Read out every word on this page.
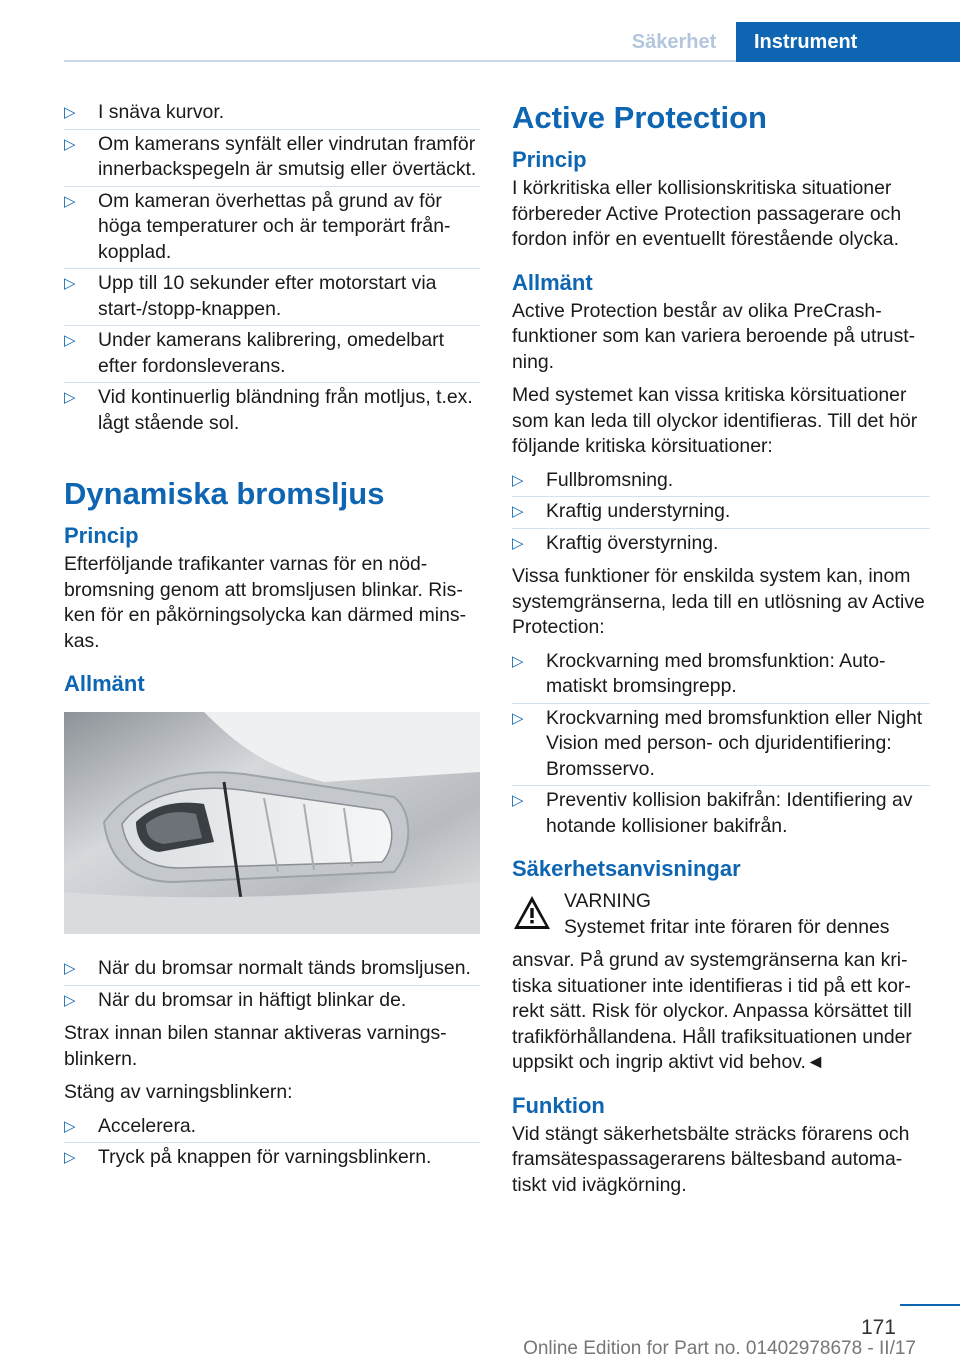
Säkerhet	Instrument
▷ I snäva kurvor.
▷ Om kamerans synfält eller vindrutan framför innerbackspegeln är smutsig eller övertäckt.
▷ Om kameran överhettas på grund av för höga temperaturer och är temporärt frånkopplad.
▷ Upp till 10 sekunder efter motorstart via start-/stopp-knappen.
▷ Under kamerans kalibrering, omedelbart efter fordonsleverans.
▷ Vid kontinuerlig bländning från motljus, t.ex. lågt stående sol.
Dynamiska bromsljus
Princip

Efterföljande trafikanter varnas för en nödbromsning genom att bromsljusen blinkar. Risken för en påkörningsolycka kan därmed minskas.

Allmänt
▷ När du bromsar normalt tänds bromsljusen.
▷ När du bromsar in häftigt blinkar de.

Strax innan bilen stannar aktiveras varningsblinkern.

Stäng av varningsblinkern:

▷ Accelerera.
▷ Tryck på knappen för varningsblinkern.
Active Protection
Princip

I körkritiska eller kollisionskritiska situationer förbereder Active Protection passagerare och fordon inför en eventuellt förestående olycka.

Allmänt

Active Protection består av olika PreCrash-funktioner som kan variera beroende på utrustning.

Med systemet kan vissa kritiska körsituationer som kan leda till olyckor identifieras. Till det hör följande kritiska körsituationer:

▷ Fullbromsning.
▷ Kraftig understyrning.
▷ Kraftig överstyrning.

Vissa funktioner för enskilda system kan, inom systemgränserna, leda till en utlösning av Active Protection:

▷ Krockvarning med bromsfunktion: Automatiskt bromsingrepp.
▷ Krockvarning med bromsfunktion eller Night Vision med person- och djuridentifiering: Bromsservo.
▷ Preventiv kollision bakifrån: Identifiering av hotande kollisioner bakifrån.
Säkerhetsanvisningar
VARNING
Systemet fritar inte föraren för dennes

ansvar. På grund av systemgränserna kan kritiska situationer inte identifieras i tid på ett korrekt sätt. Risk för olyckor. Anpassa körsättet till trafikförhållandena. Håll trafiksituationen under uppsikt och ingrip aktivt vid behov.◄

Funktion

Vid stängt säkerhetsbälte sträcks förarens och framsätespassagerarens bältesband automatiskt vid ivägkörning.

171
Online Edition for Part no. 01402978678 - II/17
